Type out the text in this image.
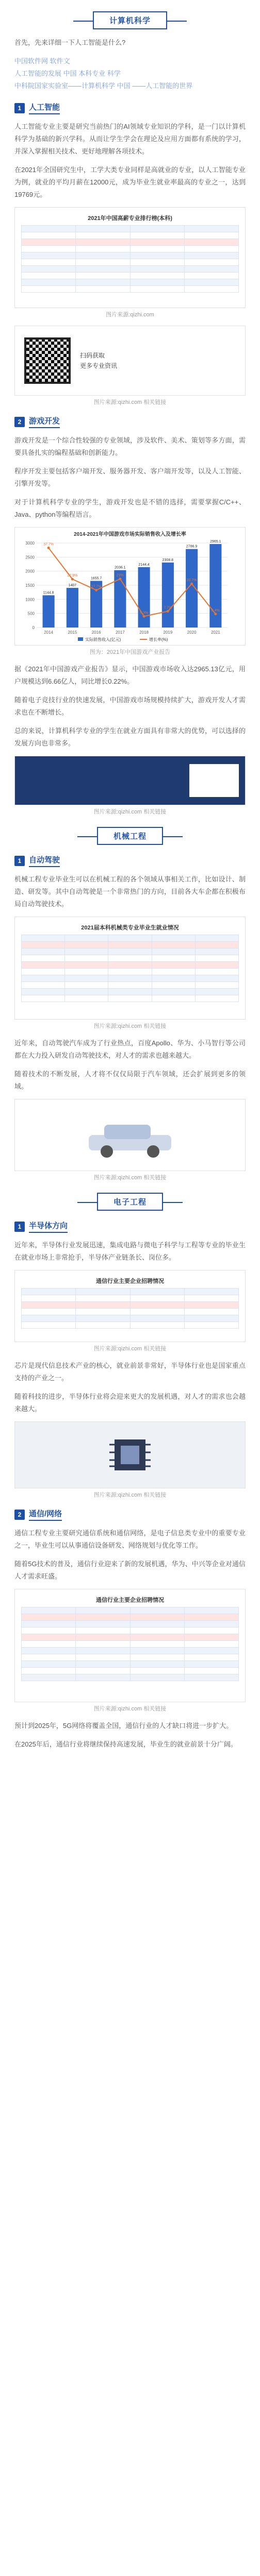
计算机科学

首先，先来详细一下人工智能是什么?

中国软件网 软件文
人工智能的发展 中国 本科专业 科学
中科院国家实验室——计算机科学 中国 ——人工智能的世界
1 人工智能

人工智能专业主要是研究当前热门的AI领域专业知识的学科，是一门以计算机科学为基础的新兴学科。从而让学生学会在理论及应用方面都有系统的学习，并深入掌握相关技术、更好地理解各项技术。

在2021年全国研究生中，工学大类专业同样是高就业的专业，以人工智能专业为例，就业的平均月薪在12000元，成为毕业生就业率最高的专业之一，达到19769元。

2021年中国高薪专业排行榜(本科)

图片来源:qizhi.com
扫码获取
更多专业资讯
图片来源:qizhi.com 相关链接
2 游戏开发

游戏开发是一个综合性较强的专业领域，涉及软件、美术、策划等多方面，需要具备扎实的编程基础和创新能力。

程序开发主要包括客户端开发、服务器开发、客户端开发等，以及人工智能、引擎开发等。

对于计算机科学专业的学生，游戏开发也是不错的选择，需要掌握C/C++、Java、python等编程语言。

2014-2021年中国游戏市场实际销售收入及增长率
0
500
1000
1500
2000
2500
3000
1144.8
2014
1407
2015
1655.7
2016
2036.1
2017
2144.4
2018
2308.8
2019
2786.9
2020
2965.1
2021
37.7%
22.9%
17.7%
23%
5.3%
7.7%
20.7%
6.4%
实际销售收入(亿元)	增长率(%)
图为：2021年中国游戏产业报告

据《2021年中国游戏产业报告》显示，中国游戏市场收入达2965.13亿元，用户规模达到6.66亿人，同比增长0.22%。

随着电子竞技行业的快速发展，中国游戏市场规模持续扩大，游戏开发人才需求也在不断增长。

总的来说，计算机科学专业的学生在就业方面具有非常大的优势，可以选择的发展方向也非常多。

图片来源:qizhi.com 相关链接
机械工程
1 自动驾驶

机械工程专业毕业生可以在机械工程的各个领域从事相关工作，比如设计、制造、研发等。其中自动驾驶是一个非常热门的方向，目前各大车企都在积极布局自动驾驶技术。

2021届本科机械类专业毕业生就业情况

图片来源:qizhi.com 相关链接

近年来，自动驾驶汽车成为了行业热点，百度Apollo、华为、小马智行等公司都在大力投入研发自动驾驶技术，对人才的需求也越来越大。

随着技术的不断发展，人才将不仅仅局限于汽车领域，还会扩展到更多的领域。

图片来源:qizhi.com 相关链接
电子工程
1 半导体方向

近年来，半导体行业发展迅速，集成电路与微电子科学与工程等专业的毕业生在就业市场上非常抢手，半导体产业链条长、岗位多。

通信行业主要企业招聘情况

图片来源:qizhi.com 相关链接

芯片是现代信息技术产业的核心，就业前景非常好，半导体行业也是国家重点支持的产业之一。

随着科技的进步，半导体行业将会迎来更大的发展机遇，对人才的需求也会越来越大。

图片来源:qizhi.com 相关链接
2 通信/网络

通信工程专业主要研究通信系统和通信网络，是电子信息类专业中的重要专业之一，毕业生可以从事通信设备研发、网络规划与优化等工作。

随着5G技术的普及，通信行业迎来了新的发展机遇，华为、中兴等企业对通信人才需求旺盛。

通信行业主要企业招聘情况

图片来源:qizhi.com 相关链接

预计到2025年，5G网络将覆盖全国，通信行业的人才缺口将进一步扩大。

在2025年后，通信行业将继续保持高速发展，毕业生的就业前景十分广阔。
